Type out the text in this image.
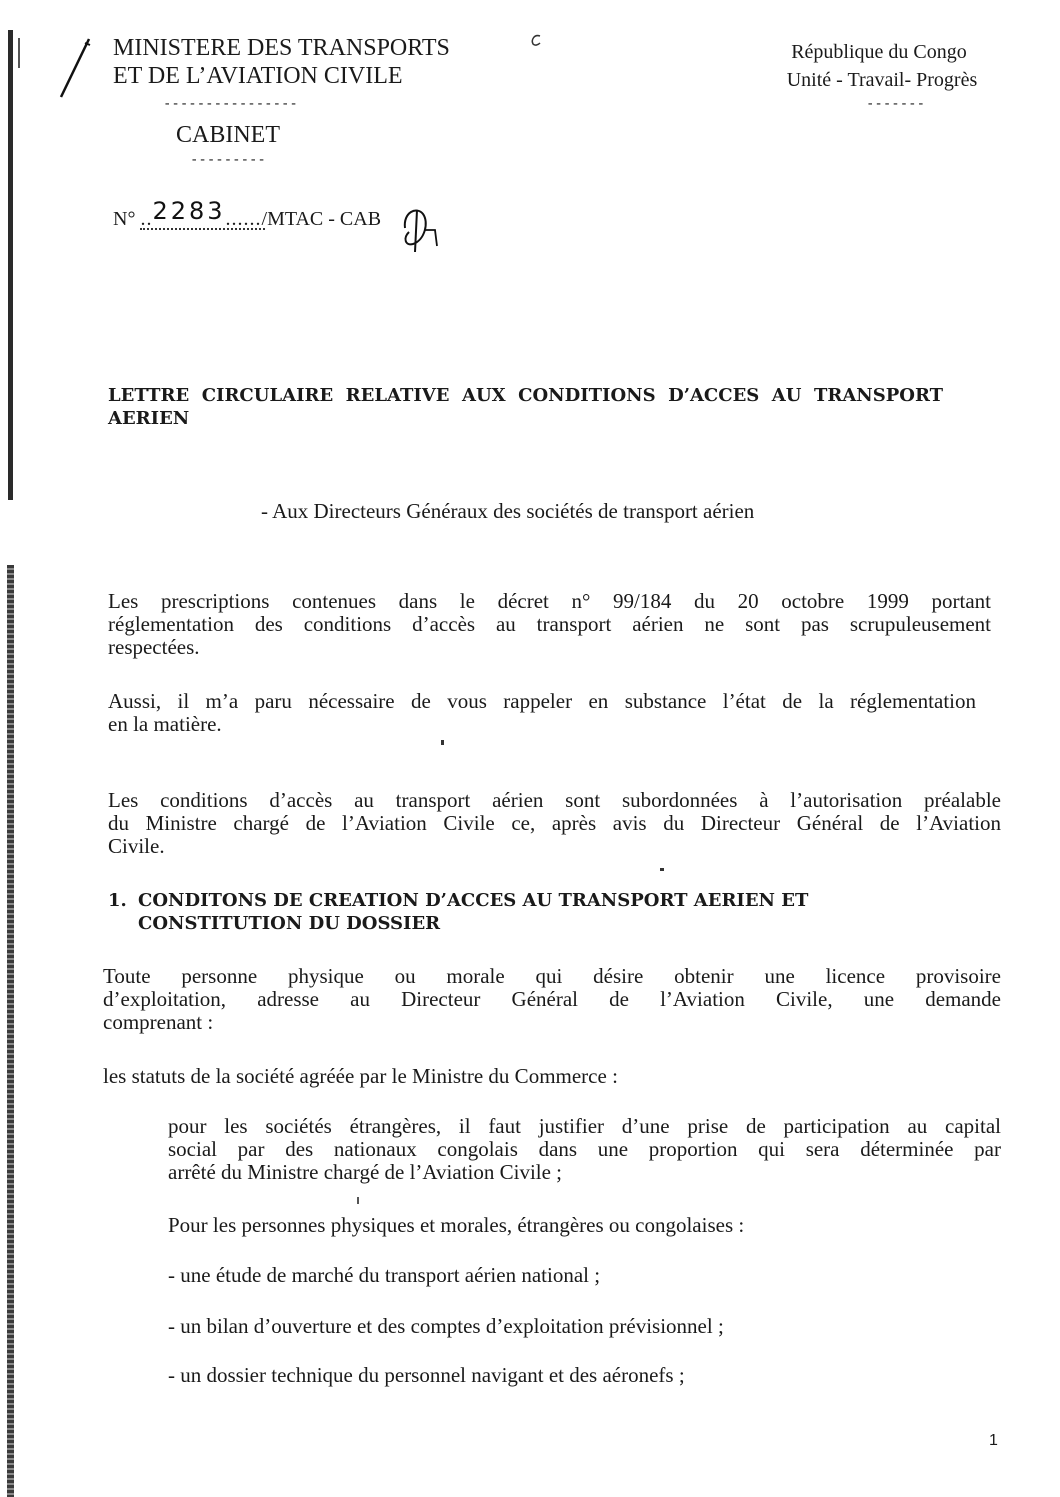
MINISTERE DES TRANSPORTS
ET DE L’AVIATION CIVILE
----------------
CABINET
---------
République du Congo
Unité - Travail- Progrès
-------
N° ..2283....../MTAC - CAB
LETTRE CIRCULAIRE RELATIVE AUX CONDITIONS D’ACCES AU TRANSPORT
AERIEN
- Aux Directeurs Généraux des sociétés de transport aérien
Les prescriptions contenues dans le décret n° 99/184 du 20 octobre 1999 portant
réglementation des conditions d’accès au transport aérien ne sont pas scrupuleusement
respectées.
Aussi, il m’a paru nécessaire de vous rappeler en substance l’état de la réglementation
en la matière.
Les conditions d’accès au transport aérien sont subordonnées à l’autorisation préalable
du Ministre chargé de l’Aviation Civile ce, après avis du Directeur Général de l’Aviation
Civile.
1. CONDITONS DE CREATION D’ACCES AU TRANSPORT AERIEN ET
CONSTITUTION DU DOSSIER
Toute personne physique ou morale qui désire obtenir une licence provisoire
d’exploitation, adresse au Directeur Général de l’Aviation Civile, une demande
comprenant :
les statuts de la société agréée par le Ministre du Commerce :
pour les sociétés étrangères, il faut justifier d’une prise de participation au capital
social par des nationaux congolais dans une proportion qui sera déterminée par
arrêté du Ministre chargé de l’Aviation Civile ;
Pour les personnes physiques et morales, étrangères ou congolaises :
- une étude de marché du transport aérien national ;
- un bilan d’ouverture et des comptes d’exploitation prévisionnel ;
- un dossier technique du personnel navigant et des aéronefs ;
1
